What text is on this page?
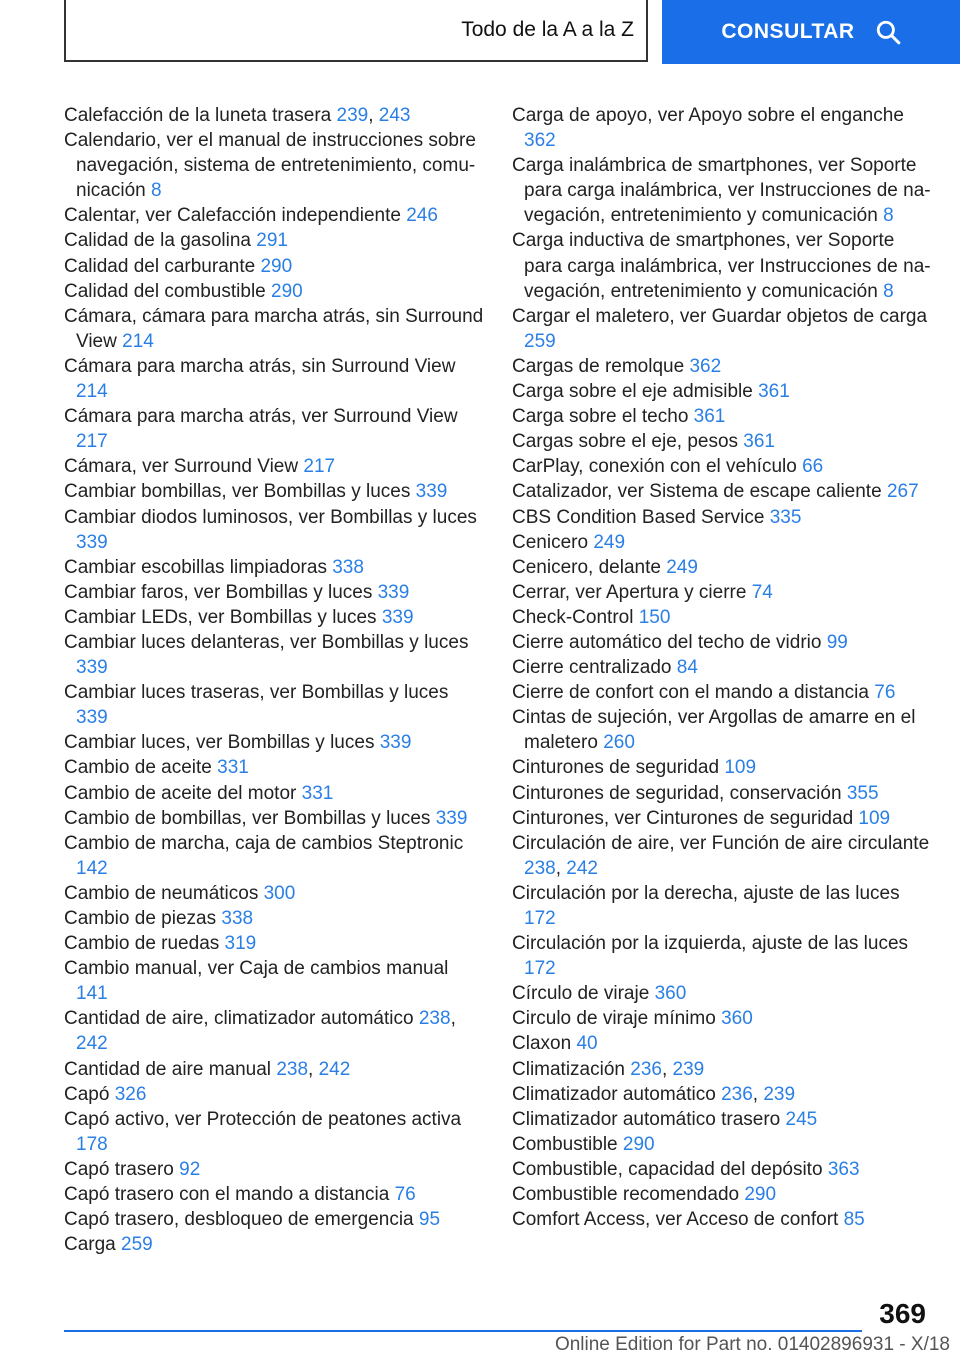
Todo de la A a la Z	CONSULTAR

Calefacción de la luneta trasera 239, 243

Calendario, ver el manual de instrucciones sobre navegación, sistema de entretenimiento, comunicación 8

Calentar, ver Calefacción independiente 246

Calidad de la gasolina 291

Calidad del carburante 290

Calidad del combustible 290

Cámara, cámara para marcha atrás, sin Surround View 214

Cámara para marcha atrás, sin Surround View 214

Cámara para marcha atrás, ver Surround View 217

Cámara, ver Surround View 217

Cambiar bombillas, ver Bombillas y luces 339

Cambiar diodos luminosos, ver Bombillas y luces 339

Cambiar escobillas limpiadoras 338

Cambiar faros, ver Bombillas y luces 339

Cambiar LEDs, ver Bombillas y luces 339

Cambiar luces delanteras, ver Bombillas y luces 339

Cambiar luces traseras, ver Bombillas y luces 339

Cambiar luces, ver Bombillas y luces 339

Cambio de aceite 331

Cambio de aceite del motor 331

Cambio de bombillas, ver Bombillas y luces 339

Cambio de marcha, caja de cambios Steptronic 142

Cambio de neumáticos 300

Cambio de piezas 338

Cambio de ruedas 319

Cambio manual, ver Caja de cambios manual 141

Cantidad de aire, climatizador automático 238, 242

Cantidad de aire manual 238, 242

Capó 326

Capó activo, ver Protección de peatones activa 178

Capó trasero 92

Capó trasero con el mando a distancia 76

Capó trasero, desbloqueo de emergencia 95

Carga 259

Carga de apoyo, ver Apoyo sobre el enganche 362

Carga inalámbrica de smartphones, ver Soporte para carga inalámbrica, ver Instrucciones de navegación, entretenimiento y comunicación 8

Carga inductiva de smartphones, ver Soporte para carga inalámbrica, ver Instrucciones de navegación, entretenimiento y comunicación 8

Cargar el maletero, ver Guardar objetos de carga 259

Cargas de remolque 362

Carga sobre el eje admisible 361

Carga sobre el techo 361

Cargas sobre el eje, pesos 361

CarPlay, conexión con el vehículo 66

Catalizador, ver Sistema de escape caliente 267

CBS Condition Based Service 335

Cenicero 249

Cenicero, delante 249

Cerrar, ver Apertura y cierre 74

Check-Control 150

Cierre automático del techo de vidrio 99

Cierre centralizado 84

Cierre de confort con el mando a distancia 76

Cintas de sujeción, ver Argollas de amarre en el maletero 260

Cinturones de seguridad 109

Cinturones de seguridad, conservación 355

Cinturones, ver Cinturones de seguridad 109

Circulación de aire, ver Función de aire circulante 238, 242

Circulación por la derecha, ajuste de las luces 172

Circulación por la izquierda, ajuste de las luces 172

Círculo de viraje 360

Circulo de viraje mínimo 360

Claxon 40

Climatización 236, 239

Climatizador automático 236, 239

Climatizador automático trasero 245

Combustible 290

Combustible, capacidad del depósito 363

Combustible recomendado 290

Comfort Access, ver Acceso de confort 85

369
Online Edition for Part no. 01402896931 - X/18
